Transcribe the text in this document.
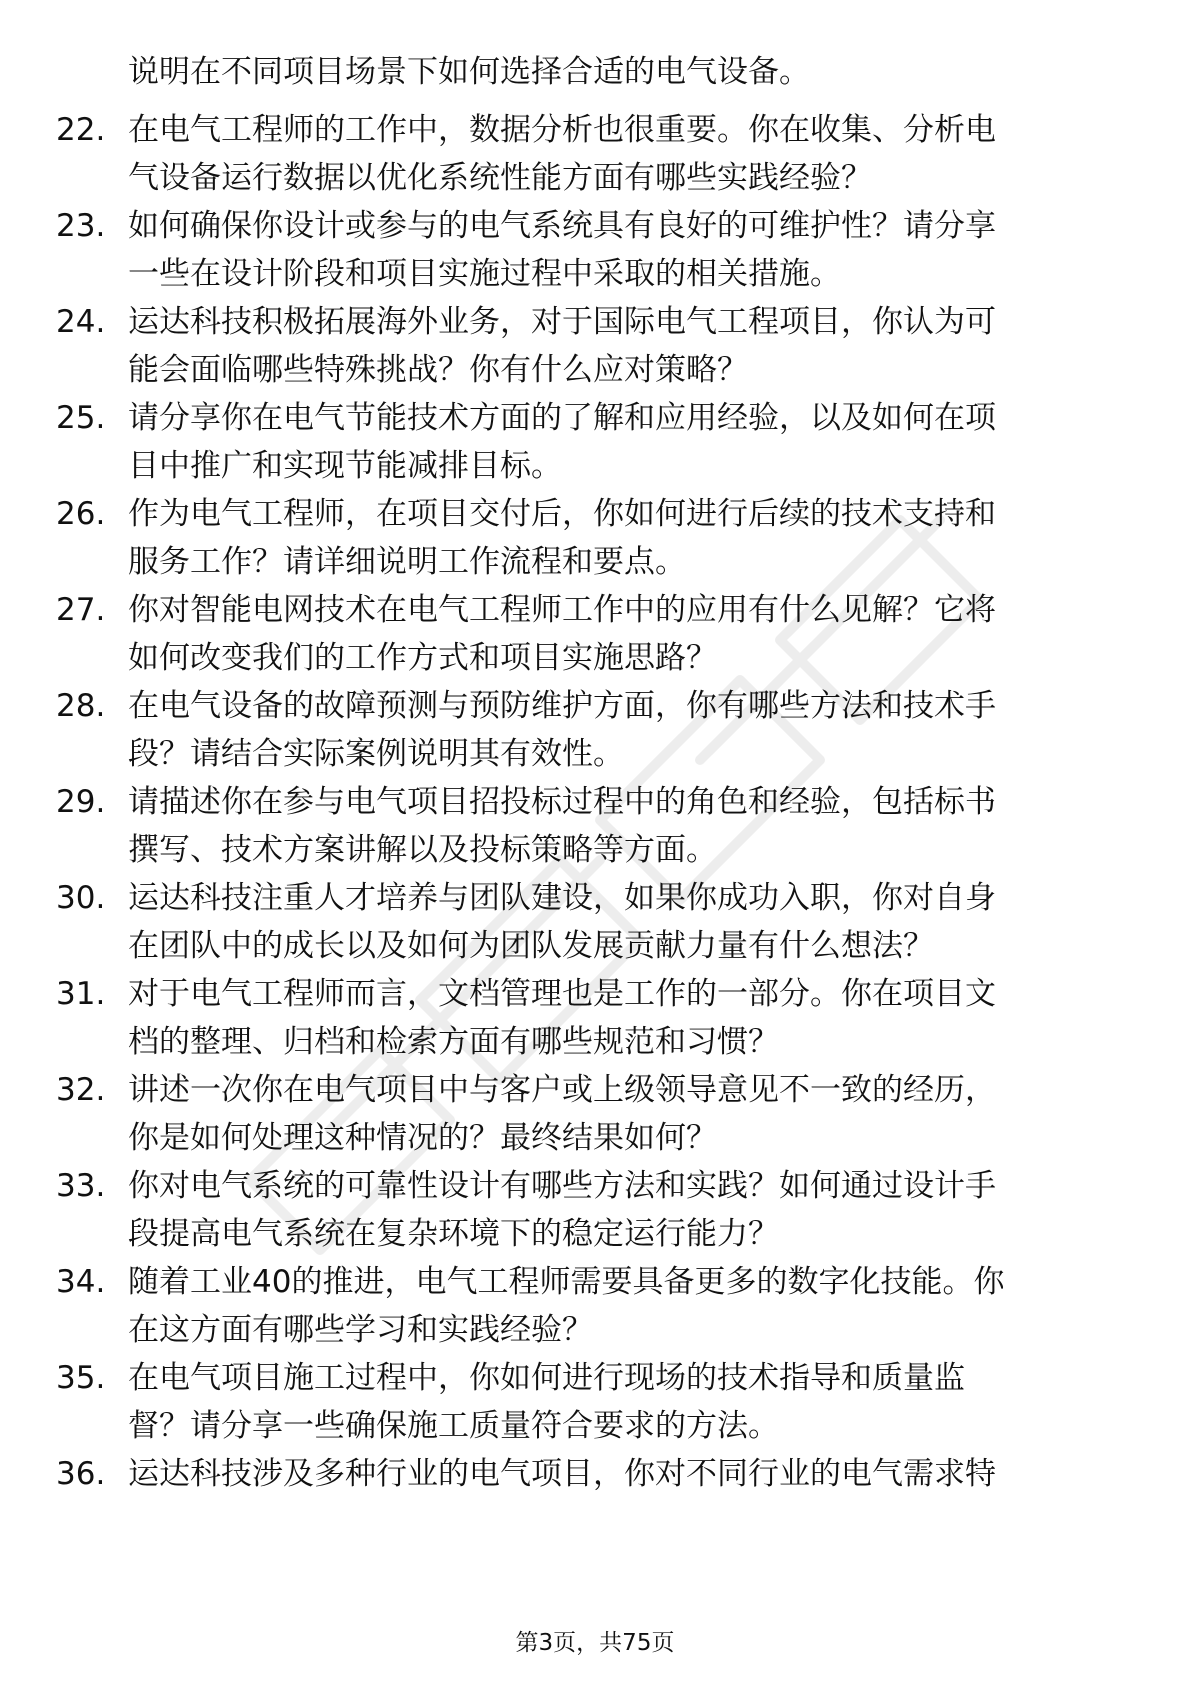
说明在不同项目场景下如何选择合适的电气设备。
22. 在电气工程师的工作中，数据分析也很重要。你在收集、分析电
气设备运行数据以优化系统性能方面有哪些实践经验？
23. 如何确保你设计或参与的电气系统具有良好的可维护性？请分享
一些在设计阶段和项目实施过程中采取的相关措施。
24. 运达科技积极拓展海外业务，对于国际电气工程项目，你认为可
能会面临哪些特殊挑战？你有什么应对策略？
25. 请分享你在电气节能技术方面的了解和应用经验，以及如何在项
目中推广和实现节能减排目标。
26. 作为电气工程师，在项目交付后，你如何进行后续的技术支持和
服务工作？请详细说明工作流程和要点。
27. 你对智能电网技术在电气工程师工作中的应用有什么见解？它将
如何改变我们的工作方式和项目实施思路？
28. 在电气设备的故障预测与预防维护方面，你有哪些方法和技术手
段？请结合实际案例说明其有效性。
29. 请描述你在参与电气项目招投标过程中的角色和经验，包括标书
撰写、技术方案讲解以及投标策略等方面。
30. 运达科技注重人才培养与团队建设，如果你成功入职，你对自身
在团队中的成长以及如何为团队发展贡献力量有什么想法？
31. 对于电气工程师而言，文档管理也是工作的一部分。你在项目文
档的整理、归档和检索方面有哪些规范和习惯？
32. 讲述一次你在电气项目中与客户或上级领导意见不一致的经历，
你是如何处理这种情况的？最终结果如何？
33. 你对电气系统的可靠性设计有哪些方法和实践？如何通过设计手
段提高电气系统在复杂环境下的稳定运行能力？
34. 随着工业40的推进，电气工程师需要具备更多的数字化技能。你
在这方面有哪些学习和实践经验？
35. 在电气项目施工过程中，你如何进行现场的技术指导和质量监
督？请分享一些确保施工质量符合要求的方法。
36. 运达科技涉及多种行业的电气项目，你对不同行业的电气需求特
第3页，共75页
